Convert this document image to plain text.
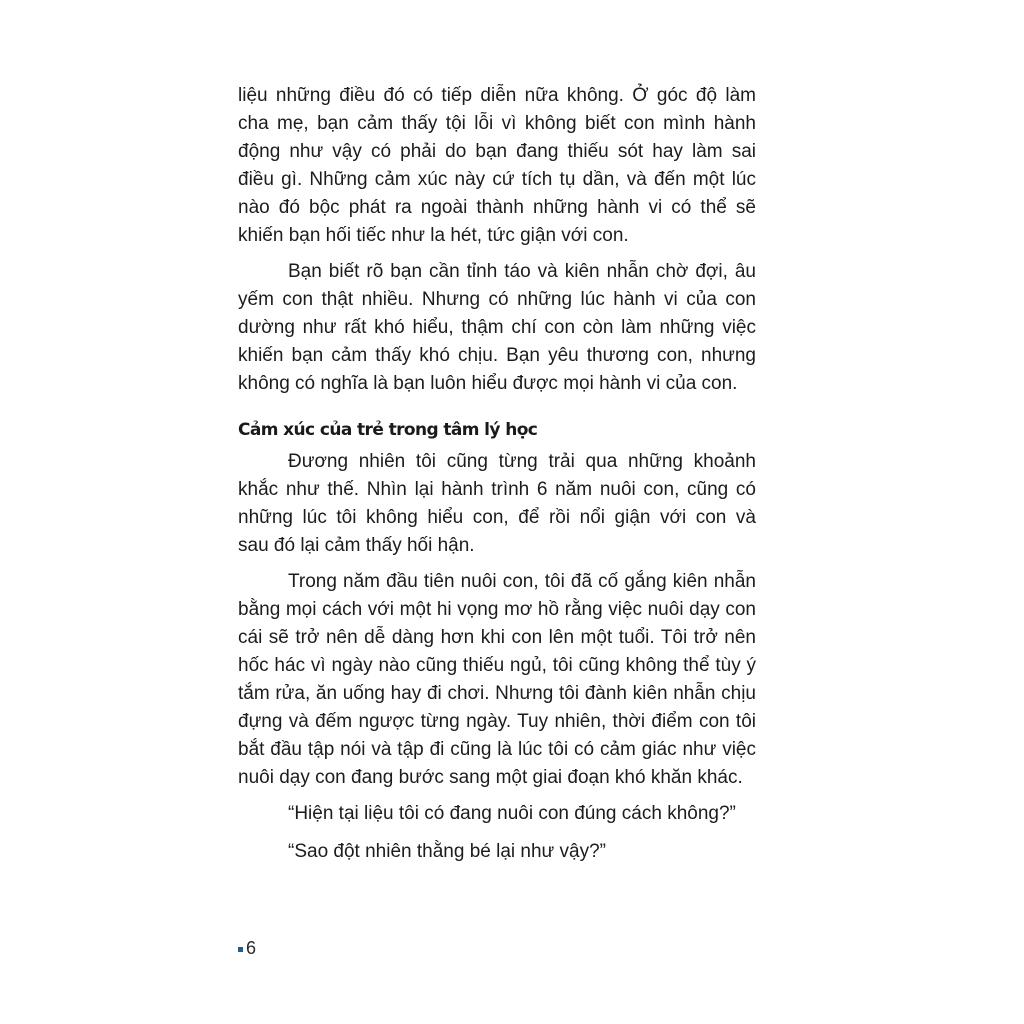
liệu những điều đó có tiếp diễn nữa không. Ở góc độ làm
cha mẹ, bạn cảm thấy tội lỗi vì không biết con mình hành
động như vậy có phải do bạn đang thiếu sót hay làm sai
điều gì. Những cảm xúc này cứ tích tụ dần, và đến một lúc
nào đó bộc phát ra ngoài thành những hành vi có thể sẽ
khiến bạn hối tiếc như la hét, tức giận với con.
Bạn biết rõ bạn cần tỉnh táo và kiên nhẫn chờ đợi, âu
yếm con thật nhiều. Nhưng có những lúc hành vi của con
dường như rất khó hiểu, thậm chí con còn làm những việc
khiến bạn cảm thấy khó chịu. Bạn yêu thương con, nhưng
không có nghĩa là bạn luôn hiểu được mọi hành vi của con.
Cảm xúc của trẻ trong tâm lý học
Đương nhiên tôi cũng từng trải qua những khoảnh
khắc như thế. Nhìn lại hành trình 6 năm nuôi con, cũng có
những lúc tôi không hiểu con, để rồi nổi giận với con và
sau đó lại cảm thấy hối hận.
Trong năm đầu tiên nuôi con, tôi đã cố gắng kiên nhẫn
bằng mọi cách với một hi vọng mơ hồ rằng việc nuôi dạy con
cái sẽ trở nên dễ dàng hơn khi con lên một tuổi. Tôi trở nên
hốc hác vì ngày nào cũng thiếu ngủ, tôi cũng không thể tùy ý
tắm rửa, ăn uống hay đi chơi. Nhưng tôi đành kiên nhẫn chịu
đựng và đếm ngược từng ngày. Tuy nhiên, thời điểm con tôi
bắt đầu tập nói và tập đi cũng là lúc tôi có cảm giác như việc
nuôi dạy con đang bước sang một giai đoạn khó khăn khác.
“Hiện tại liệu tôi có đang nuôi con đúng cách không?”
“Sao đột nhiên thằng bé lại như vậy?”
6
